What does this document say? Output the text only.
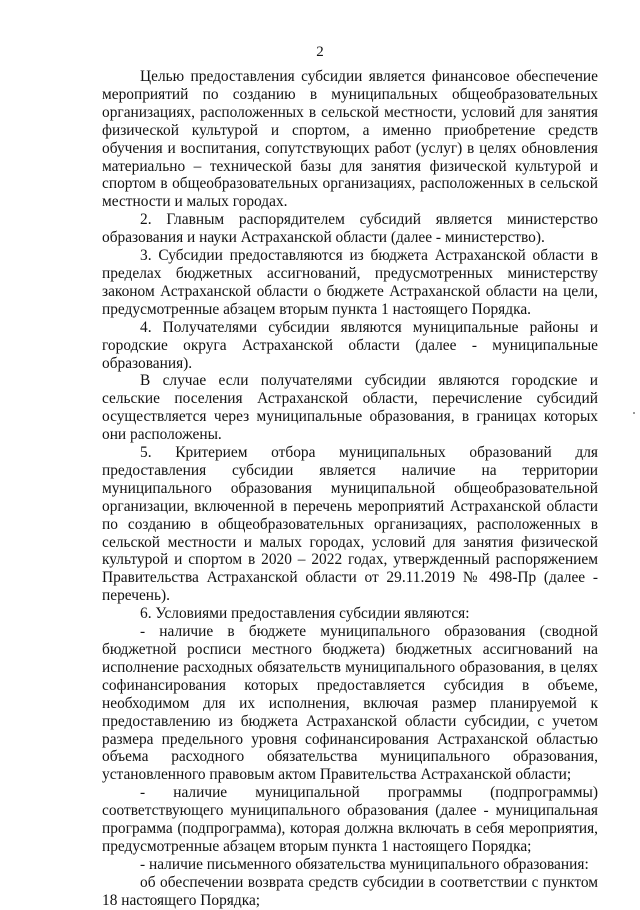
2

Целью предоставления субсидии является финансовое обеспечение мероприятий по созданию в муниципальных общеобразовательных организациях, расположенных в сельской местности, условий для занятия физической культурой и спортом, а именно приобретение средств обучения и воспитания, сопутствующих работ (услуг) в целях обновления материально – технической базы для занятия физической культурой и спортом в общеобразовательных организациях, расположенных в сельской местности и малых городах.

2. Главным распорядителем субсидий является министерство образования и науки Астраханской области (далее - министерство).

3. Субсидии предоставляются из бюджета Астраханской области в пределах бюджетных ассигнований, предусмотренных министерству законом Астраханской области о бюджете Астраханской области на цели, предусмотренные абзацем вторым пункта 1 настоящего Порядка.

4. Получателями субсидии являются муниципальные районы и городские округа Астраханской области (далее - муниципальные образования).

В случае если получателями субсидии являются городские и сельские поселения Астраханской области, перечисление субсидий осуществляется через муниципальные образования, в границах которых они расположены.

5. Критерием отбора муниципальных образований для предоставления субсидии является наличие на территории муниципального образования муниципальной общеобразовательной организации, включенной в перечень мероприятий Астраханской области по созданию в общеобразовательных организациях, расположенных в сельской местности и малых городах, условий для занятия физической культурой и спортом в 2020 – 2022 годах, утвержденный распоряжением Правительства Астраханской области от 29.11.2019 № 498-Пр (далее - перечень).

6. Условиями предоставления субсидии являются:

- наличие в бюджете муниципального образования (сводной бюджетной росписи местного бюджета) бюджетных ассигнований на исполнение расходных обязательств муниципального образования, в целях софинансирования которых предоставляется субсидия в объеме, необходимом для их исполнения, включая размер планируемой к предоставлению из бюджета Астраханской области субсидии, с учетом размера предельного уровня софинансирования Астраханской областью объема расходного обязательства муниципального образования, установленного правовым актом Правительства Астраханской области;

- наличие муниципальной программы (подпрограммы) соответствующего муниципального образования (далее - муниципальная программа (подпрограмма), которая должна включать в себя мероприятия, предусмотренные абзацем вторым пункта 1 настоящего Порядка;

- наличие письменного обязательства муниципального образования:

об обеспечении возврата средств субсидии в соответствии с пунктом 18 настоящего Порядка;
